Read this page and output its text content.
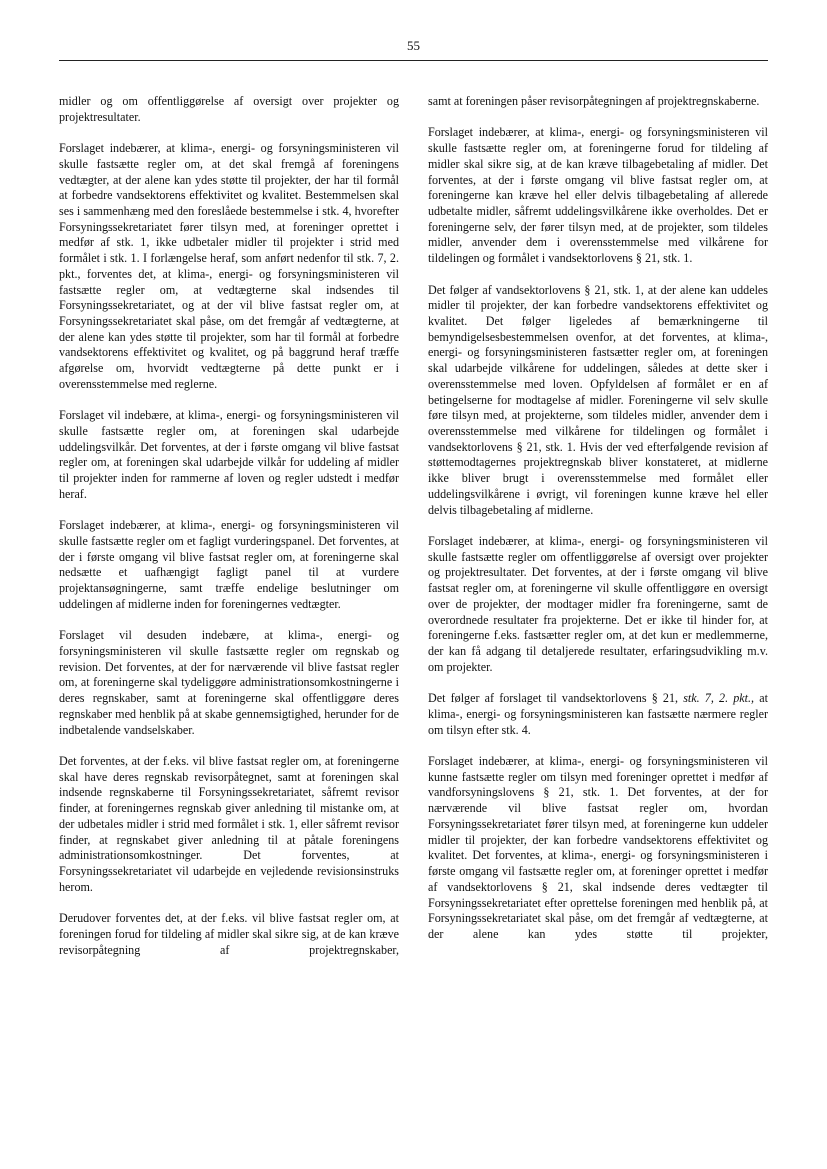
55

midler og om offentliggørelse af oversigt over projekter og projektresultater.

Forslaget indebærer, at klima-, energi- og forsyningsministeren vil skulle fastsætte regler om, at det skal fremgå af foreningens vedtægter, at der alene kan ydes støtte til projekter, der har til formål at forbedre vandsektorens effektivitet og kvalitet. Bestemmelsen skal ses i sammenhæng med den foreslåede bestemmelse i stk. 4, hvorefter Forsyningssekretariatet fører tilsyn med, at foreninger oprettet i medfør af stk. 1, ikke udbetaler midler til projekter i strid med formålet i stk. 1. I forlængelse heraf, som anført nedenfor til stk. 7, 2. pkt., forventes det, at klima-, energi- og forsyningsministeren vil fastsætte regler om, at vedtægterne skal indsendes til Forsyningssekretariatet, og at der vil blive fastsat regler om, at Forsyningssekretariatet skal påse, om det fremgår af vedtægterne, at der alene kan ydes støtte til projekter, som har til formål at forbedre vandsektorens effektivitet og kvalitet, og på baggrund heraf træffe afgørelse om, hvorvidt vedtægterne på dette punkt er i overensstemmelse med reglerne.

Forslaget vil indebære, at klima-, energi- og forsyningsministeren vil skulle fastsætte regler om, at foreningen skal udarbejde uddelingsvilkår. Det forventes, at der i første omgang vil blive fastsat regler om, at foreningen skal udarbejde vilkår for uddeling af midler til projekter inden for rammerne af loven og regler udstedt i medfør heraf.

Forslaget indebærer, at klima-, energi- og forsyningsministeren vil skulle fastsætte regler om et fagligt vurderingspanel. Det forventes, at der i første omgang vil blive fastsat regler om, at foreningerne skal nedsætte et uafhængigt fagligt panel til at vurdere projektansøgningerne, samt træffe endelige beslutninger om uddelingen af midlerne inden for foreningernes vedtægter.

Forslaget vil desuden indebære, at klima-, energi- og forsyningsministeren vil skulle fastsætte regler om regnskab og revision. Det forventes, at der for nærværende vil blive fastsat regler om, at foreningerne skal tydeliggøre administrationsomkostningerne i deres regnskaber, samt at foreningerne skal offentliggøre deres regnskaber med henblik på at skabe gennemsigtighed, herunder for de indbetalende vandselskaber.

Det forventes, at der f.eks. vil blive fastsat regler om, at foreningerne skal have deres regnskab revisorpåtegnet, samt at foreningen skal indsende regnskaberne til Forsyningssekretariatet, såfremt revisor finder, at foreningernes regnskab giver anledning til mistanke om, at der udbetales midler i strid med formålet i stk. 1, eller såfremt revisor finder, at regnskabet giver anledning til at påtale foreningens administrationsomkostninger. Det forventes, at Forsyningssekretariatet vil udarbejde en vejledende revisionsinstruks herom.

Derudover forventes det, at der f.eks. vil blive fastsat regler om, at foreningen forud for tildeling af midler skal sikre sig, at de kan kræve revisorpåtegning af projektregnskaber,

samt at foreningen påser revisorpåtegningen af projektregnskaberne.

Forslaget indebærer, at klima-, energi- og forsyningsministeren vil skulle fastsætte regler om, at foreningerne forud for tildeling af midler skal sikre sig, at de kan kræve tilbagebetaling af midler. Det forventes, at der i første omgang vil blive fastsat regler om, at foreningerne kan kræve hel eller delvis tilbagebetaling af allerede udbetalte midler, såfremt uddelingsvilkårene ikke overholdes. Det er foreningerne selv, der fører tilsyn med, at de projekter, som tildeles midler, anvender dem i overensstemmelse med vilkårene for tildelingen og formålet i vandsektorlovens § 21, stk. 1.

Det følger af vandsektorlovens § 21, stk. 1, at der alene kan uddeles midler til projekter, der kan forbedre vandsektorens effektivitet og kvalitet. Det følger ligeledes af bemærkningerne til bemyndigelsesbestemmelsen ovenfor, at det forventes, at klima-, energi- og forsyningsministeren fastsætter regler om, at foreningen skal udarbejde vilkårene for uddelingen, således at dette sker i overensstemmelse med loven. Opfyldelsen af formålet er en af betingelserne for modtagelse af midler. Foreningerne vil selv skulle føre tilsyn med, at projekterne, som tildeles midler, anvender dem i overensstemmelse med vilkårene for tildelingen og formålet i vandsektorlovens § 21, stk. 1. Hvis der ved efterfølgende revision af støttemodtagernes projektregnskab bliver konstateret, at midlerne ikke bliver brugt i overensstemmelse med formålet eller uddelingsvilkårene i øvrigt, vil foreningen kunne kræve hel eller delvis tilbagebetaling af midlerne.

Forslaget indebærer, at klima-, energi- og forsyningsministeren vil skulle fastsætte regler om offentliggørelse af oversigt over projekter og projektresultater. Det forventes, at der i første omgang vil blive fastsat regler om, at foreningerne vil skulle offentliggøre en oversigt over de projekter, der modtager midler fra foreningerne, samt de overordnede resultater fra projekterne. Det er ikke til hinder for, at foreningerne f.eks. fastsætter regler om, at det kun er medlemmerne, der kan få adgang til detaljerede resultater, erfaringsudvikling m.v. om projekter.

Det følger af forslaget til vandsektorlovens § 21, stk. 7, 2. pkt., at klima-, energi- og forsyningsministeren kan fastsætte nærmere regler om tilsyn efter stk. 4.

Forslaget indebærer, at klima-, energi- og forsyningsministeren vil kunne fastsætte regler om tilsyn med foreninger oprettet i medfør af vandforsyningslovens § 21, stk. 1. Det forventes, at der for nærværende vil blive fastsat regler om, hvordan Forsyningssekretariatet fører tilsyn med, at foreningerne kun uddeler midler til projekter, der kan forbedre vandsektorens effektivitet og kvalitet. Det forventes, at klima-, energi- og forsyningsministeren i første omgang vil fastsætte regler om, at foreninger oprettet i medfør af vandsektorlovens § 21, skal indsende deres vedtægter til Forsyningssekretariatet efter oprettelse foreningen med henblik på, at Forsyningssekretariatet skal påse, om det fremgår af vedtægterne, at der alene kan ydes støtte til projekter,
